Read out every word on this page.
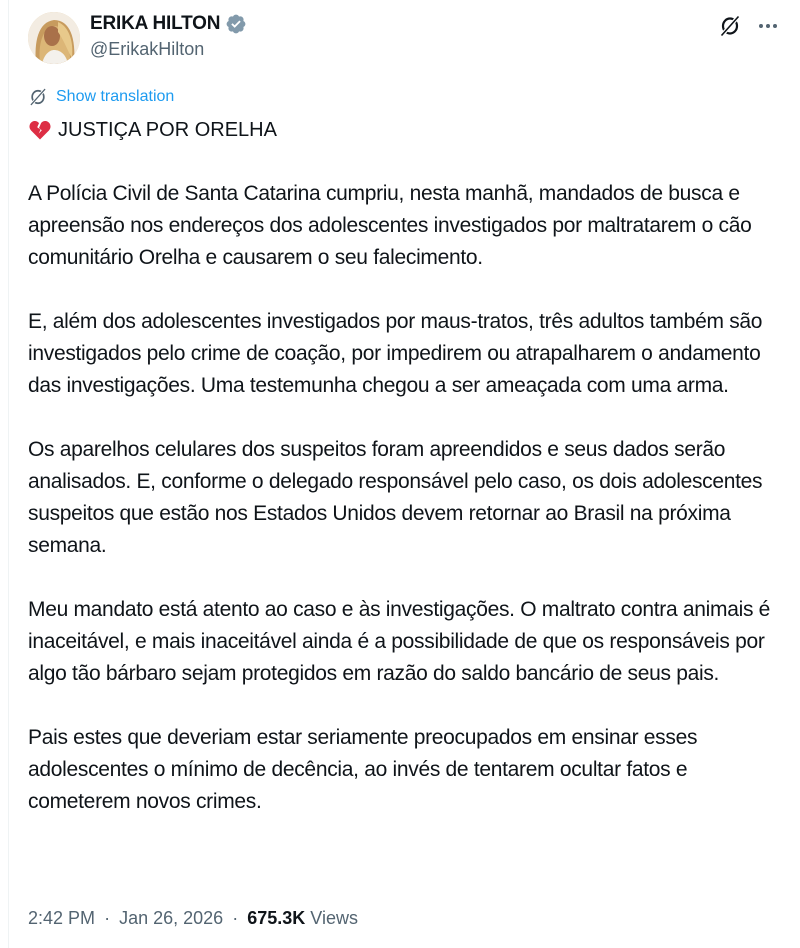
ERIKA HILTON
@ErikakHilton
Show translation
JUSTIÇA POR ORELHA

A Polícia Civil de Santa Catarina cumpriu, nesta manhã, mandados de busca e apreensão nos endereços dos adolescentes investigados por maltratarem o cão comunitário Orelha e causarem o seu falecimento.

E, além dos adolescentes investigados por maus-tratos, três adultos também são investigados pelo crime de coação, por impedirem ou atrapalharem o andamento das investigações. Uma testemunha chegou a ser ameaçada com uma arma.

Os aparelhos celulares dos suspeitos foram apreendidos e seus dados serão analisados. E, conforme o delegado responsável pelo caso, os dois adolescentes suspeitos que estão nos Estados Unidos devem retornar ao Brasil na próxima semana.

Meu mandato está atento ao caso e às investigações. O maltrato contra animais é inaceitável, e mais inaceitável ainda é a possibilidade de que os responsáveis por algo tão bárbaro sejam protegidos em razão do saldo bancário de seus pais.

Pais estes que deveriam estar seriamente preocupados em ensinar esses adolescentes o mínimo de decência, ao invés de tentarem ocultar fatos e cometerem novos crimes.

2:42 PM · Jan 26, 2026 · 675.3K Views
